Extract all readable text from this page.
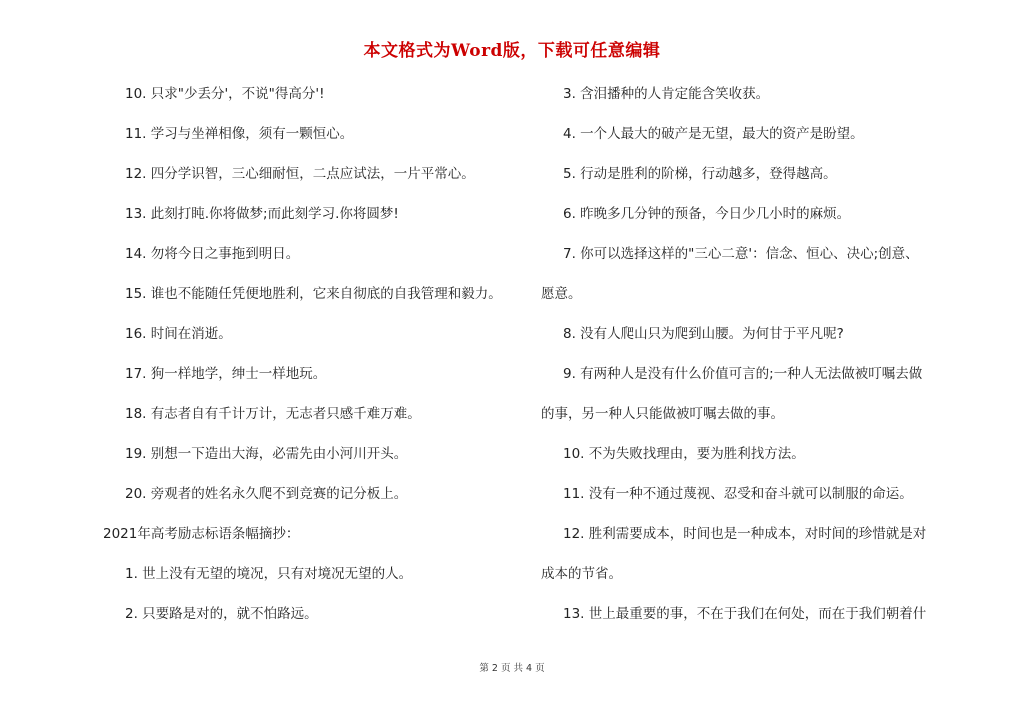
本文格式为Word版，下载可任意编辑
10. 只求"少丢分'，不说"得高分'!
11. 学习与坐禅相像，须有一颗恒心。
12. 四分学识智，三心细耐恒，二点应试法，一片平常心。
13. 此刻打盹.你将做梦;而此刻学习.你将圆梦!
14. 勿将今日之事拖到明日。
15. 谁也不能随任凭便地胜利，它来自彻底的自我管理和毅力。
16. 时间在消逝。
17. 狗一样地学，绅士一样地玩。
18. 有志者自有千计万计，无志者只感千难万难。
19. 别想一下造出大海，必需先由小河川开头。
20. 旁观者的姓名永久爬不到竞赛的记分板上。
2021年高考励志标语条幅摘抄：
1. 世上没有无望的境况，只有对境况无望的人。
2. 只要路是对的，就不怕路远。
3. 含泪播种的人肯定能含笑收获。
4. 一个人最大的破产是无望，最大的资产是盼望。
5. 行动是胜利的阶梯，行动越多，登得越高。
6. 昨晚多几分钟的预备，今日少几小时的麻烦。
7. 你可以选择这样的"三心二意'：信念、恒心、决心;创意、
愿意。
8. 没有人爬山只为爬到山腰。为何甘于平凡呢?
9. 有两种人是没有什么价值可言的;一种人无法做被叮嘱去做
的事，另一种人只能做被叮嘱去做的事。
10. 不为失败找理由，要为胜利找方法。
11. 没有一种不通过蔑视、忍受和奋斗就可以制服的命运。
12. 胜利需要成本，时间也是一种成本，对时间的珍惜就是对
成本的节省。
13. 世上最重要的事，不在于我们在何处，而在于我们朝着什
第 2 页 共 4 页
